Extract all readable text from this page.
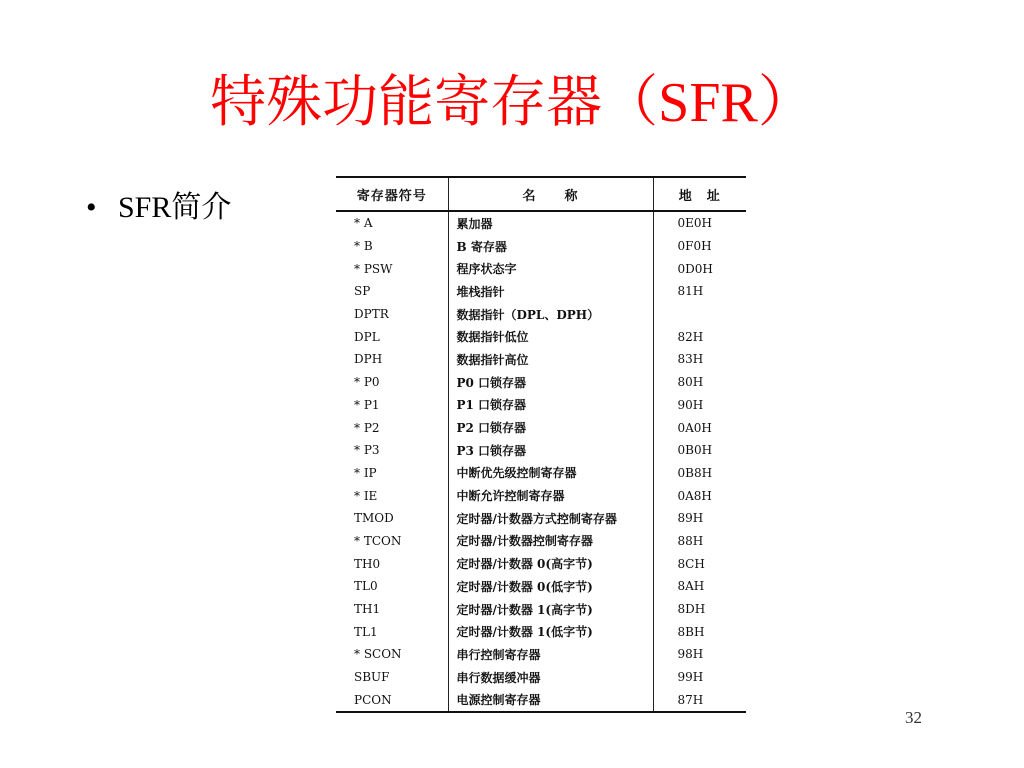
特殊功能寄存器（SFR）
• SFR简介	寄存器符号	名　　称	地　址
* A	累加器	0E0H
* B	B 寄存器	0F0H
* PSW	程序状态字	0D0H
SP	堆栈指针	81H
DPTR	数据指针（DPL、DPH）	
DPL	数据指针低位	82H
DPH	数据指针高位	83H
* P0	P0 口锁存器	80H
* P1	P1 口锁存器	90H
* P2	P2 口锁存器	0A0H
* P3	P3 口锁存器	0B0H
* IP	中断优先级控制寄存器	0B8H
* IE	中断允许控制寄存器	0A8H
TMOD	定时器/计数器方式控制寄存器	89H
* TCON	定时器/计数器控制寄存器	88H
TH0	定时器/计数器 0(高字节)	8CH
TL0	定时器/计数器 0(低字节)	8AH
TH1	定时器/计数器 1(高字节)	8DH
TL1	定时器/计数器 1(低字节)	8BH
* SCON	串行控制寄存器	98H
SBUF	串行数据缓冲器	99H
PCON	电源控制寄存器	87H
32
